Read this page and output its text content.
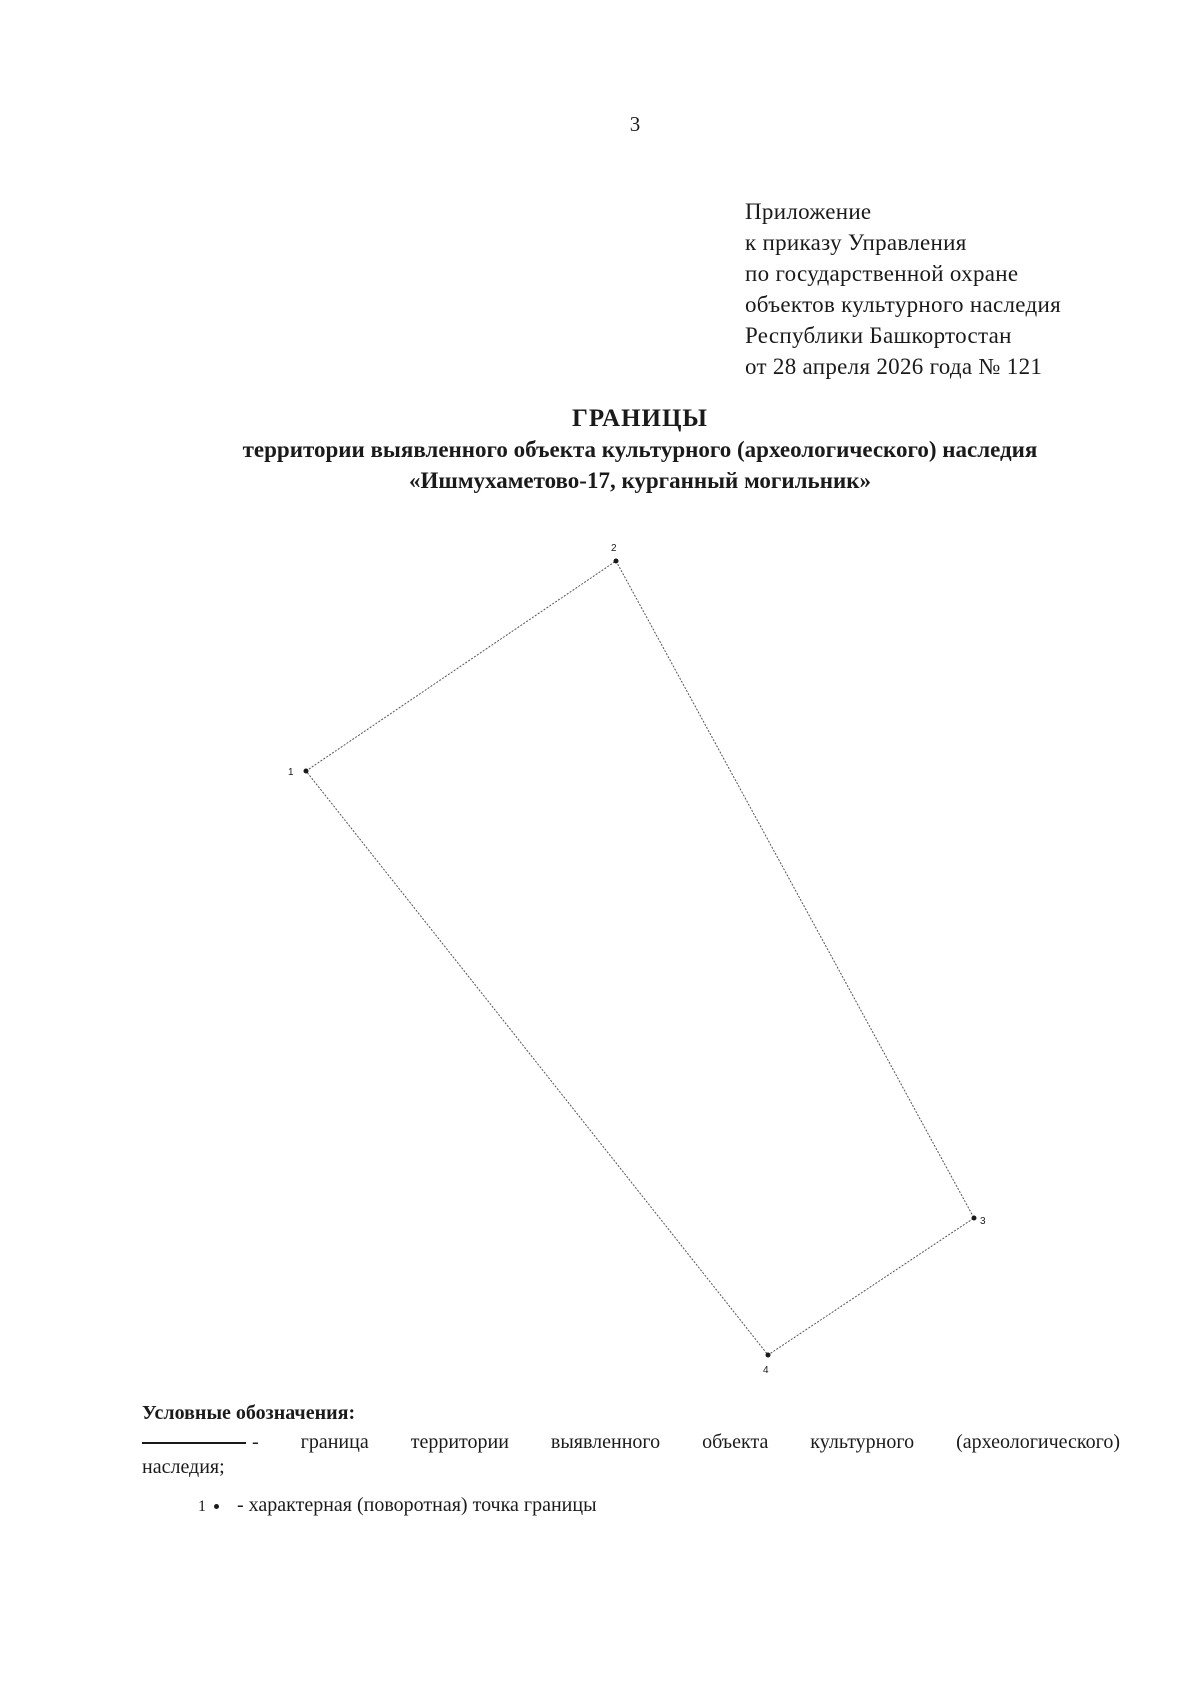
3
Приложение
к приказу Управления
по государственной охране
объектов культурного наследия
Республики Башкортостан
от 28 апреля 2026 года № 121
ГРАНИЦЫ
территории выявленного объекта культурного (археологического) наследия
«Ишмухаметово-17, курганный могильник»
1
2
3
4
Условные обозначения:
- граница территории выявленного объекта культурного (археологического)
наследия;
1 - характерная (поворотная) точка границы
